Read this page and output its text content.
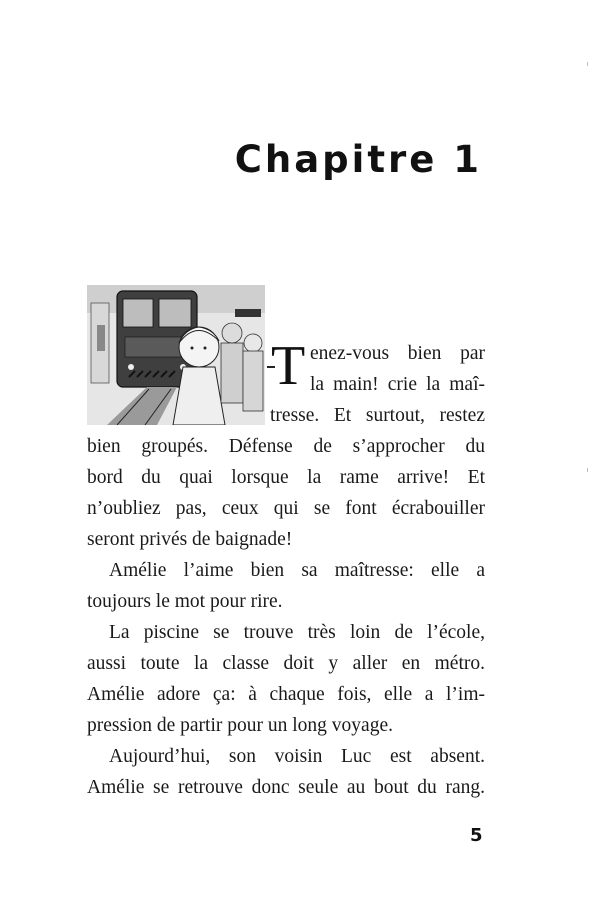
Chapitre 1
T enez-vous bien par
la main! crie la maî-
tresse. Et surtout, restez
bien groupés. Défense de s’approcher du
bord du quai lorsque la rame arrive! Et
n’oubliez pas, ceux qui se font écrabouiller
seront privés de baignade!
Amélie l’aime bien sa maîtresse: elle a
toujours le mot pour rire.
La piscine se trouve très loin de l’école,
aussi toute la classe doit y aller en métro.
Amélie adore ça: à chaque fois, elle a l’im-
pression de partir pour un long voyage.
Aujourd’hui, son voisin Luc est absent.
Amélie se retrouve donc seule au bout du rang.
5
